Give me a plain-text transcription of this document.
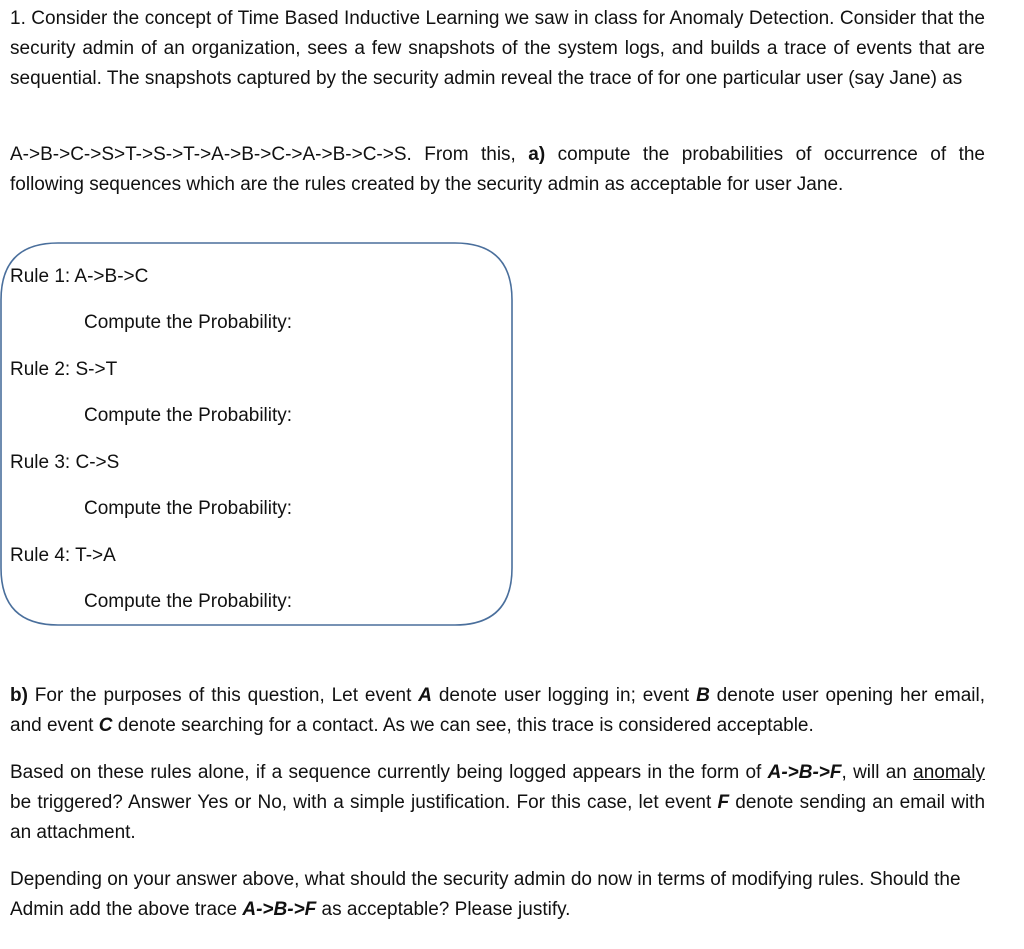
1. Consider the concept of Time Based Inductive Learning we saw in class for Anomaly Detection. Consider that the security admin of an organization, sees a few snapshots of the system logs, and builds a trace of events that are sequential. The snapshots captured by the security admin reveal the trace of for one particular user (say Jane) as

A->B->C->S>T->S->T->A->B->C->A->B->C->S. From this, a) compute the probabilities of occurrence of the following sequences which are the rules created by the security admin as acceptable for user Jane.

Rule 1: A->B->C

Compute the Probability:

Rule 2: S->T

Compute the Probability:

Rule 3: C->S

Compute the Probability:

Rule 4: T->A

Compute the Probability:

b) For the purposes of this question, Let event A denote user logging in; event B denote user opening her email, and event C denote searching for a contact. As we can see, this trace is considered acceptable.

Based on these rules alone, if a sequence currently being logged appears in the form of A->B->F, will an anomaly be triggered? Answer Yes or No, with a simple justification. For this case, let event F denote sending an email with an attachment.

Depending on your answer above, what should the security admin do now in terms of modifying rules. Should the Admin add the above trace A->B->F as acceptable? Please justify.
